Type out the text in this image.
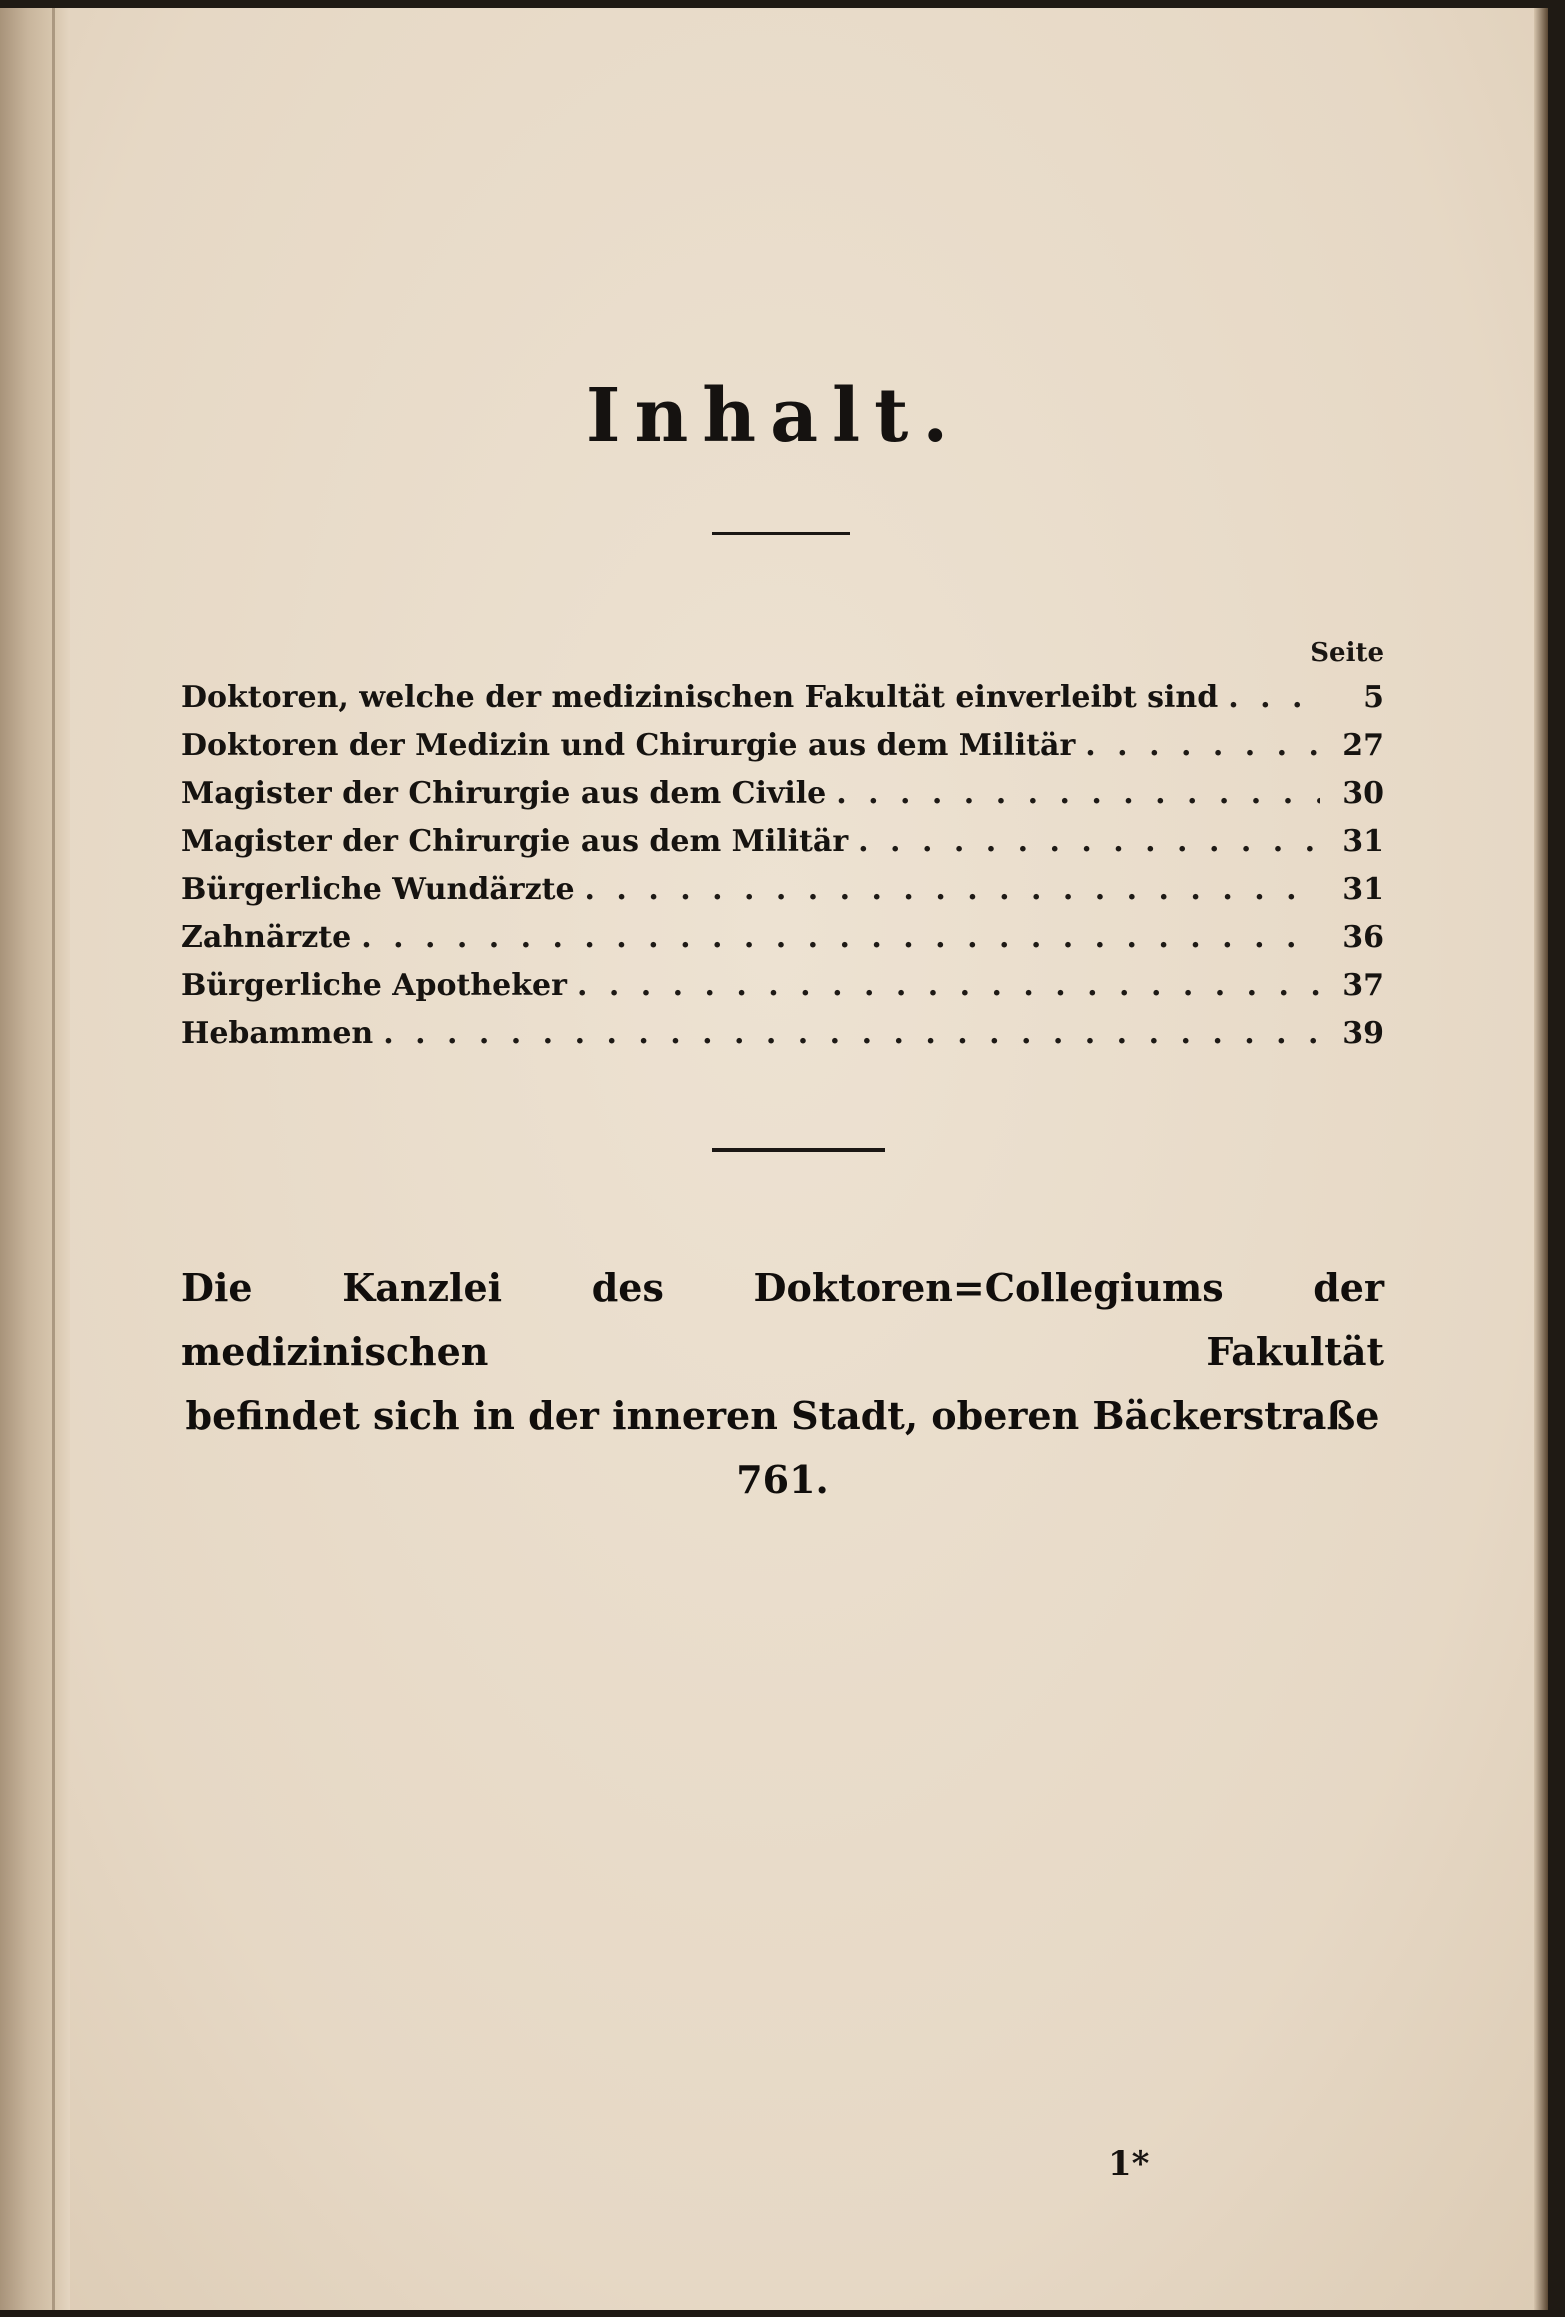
Inhalt.
Seite
Doktoren, welche der medizinischen Fakultät einverleibt sind . . .	5
Doktoren der Medizin und Chirurgie aus dem Militär . . .	27
Magister der Chirurgie aus dem Civile . . .	30
Magister der Chirurgie aus dem Militär . . .	31
Bürgerliche Wundärzte . . .	31
Zahnärzte . . .	36
Bürgerliche Apotheker . . .	37
Hebammen . . .	39

Die Kanzlei des Doktoren=Collegiums der medizinischen Fakultät
befindet sich in der inneren Stadt, oberen Bäckerstraße 761.

1*
